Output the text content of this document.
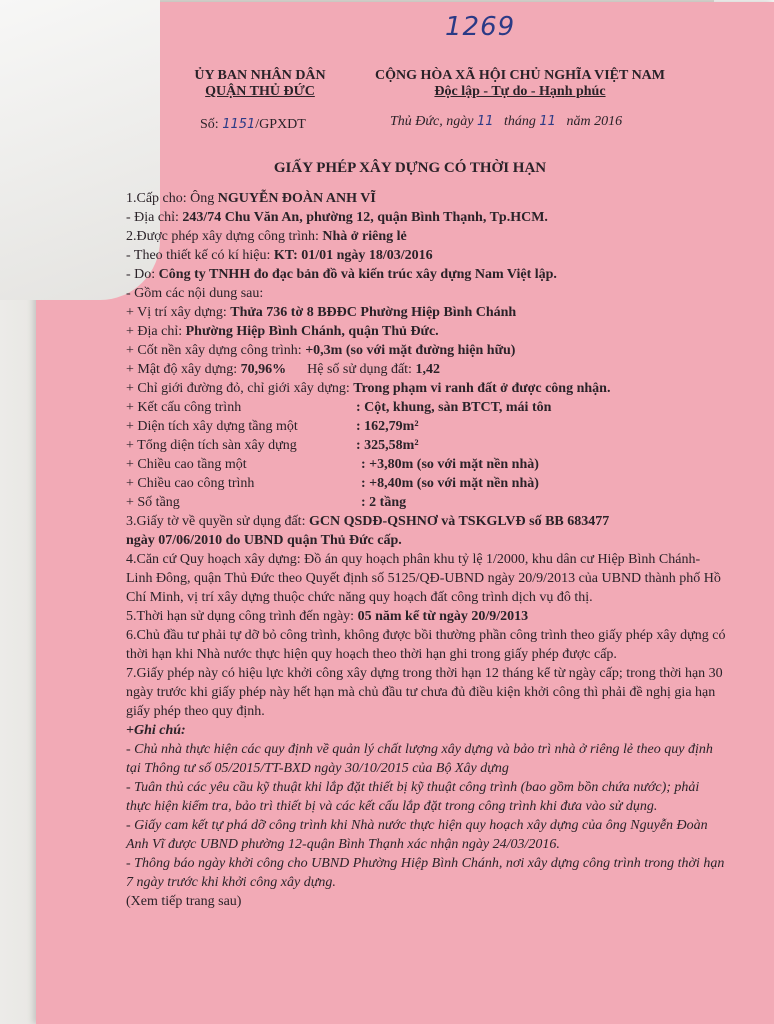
1269
ỦY BAN NHÂN DÂN
QUẬN THỦ ĐỨC
CỘNG HÒA XÃ HỘI CHỦ NGHĨA VIỆT NAM
Độc lập - Tự do - Hạnh phúc
Số: 1151/GPXDT	Thủ Đức, ngày 11 tháng 11 năm 2016
GIẤY PHÉP XÂY DỰNG CÓ THỜI HẠN

1.Cấp cho: Ông NGUYỄN ĐOÀN ANH VĨ

- Địa chỉ: 243/74 Chu Văn An, phường 12, quận Bình Thạnh, Tp.HCM.

2.Được phép xây dựng công trình: Nhà ở riêng lẻ

- Theo thiết kế có kí hiệu: KT: 01/01 ngày 18/03/2016

- Do: Công ty TNHH đo đạc bản đồ và kiến trúc xây dựng Nam Việt lập.

- Gồm các nội dung sau:

+ Vị trí xây dựng: Thửa 736 tờ 8 BĐĐC Phường Hiệp Bình Chánh

+ Địa chỉ: Phường Hiệp Bình Chánh, quận Thủ Đức.

+ Cốt nền xây dựng công trình: +0,3m (so với mặt đường hiện hữu)

+ Mật độ xây dựng: 70,96% Hệ số sử dụng đất: 1,42

+ Chỉ giới đường đỏ, chỉ giới xây dựng: Trong phạm vi ranh đất ở được công nhận.

+ Kết cấu công trình	: Cột, khung, sàn BTCT, mái tôn

+ Diện tích xây dựng tầng một	: 162,79m²

+ Tổng diện tích sàn xây dựng	: 325,58m²

+ Chiều cao tầng một	: +3,80m (so với mặt nền nhà)

+ Chiều cao công trình	: +8,40m (so với mặt nền nhà)

+ Số tầng	: 2 tầng

3.Giấy tờ về quyền sử dụng đất: GCN QSDĐ-QSHNƠ và TSKGLVĐ số BB 683477

ngày 07/06/2010 do UBND quận Thủ Đức cấp.

4.Căn cứ Quy hoạch xây dựng: Đồ án quy hoạch phân khu tỷ lệ 1/2000, khu dân cư Hiệp Bình Chánh-Linh Đông, quận Thủ Đức theo Quyết định số 5125/QĐ-UBND ngày 20/9/2013 của UBND thành phố Hồ Chí Minh, vị trí xây dựng thuộc chức năng quy hoạch đất công trình dịch vụ đô thị.

5.Thời hạn sử dụng công trình đến ngày: 05 năm kể từ ngày 20/9/2013

6.Chủ đầu tư phải tự dỡ bỏ công trình, không được bồi thường phần công trình theo giấy phép xây dựng có thời hạn khi Nhà nước thực hiện quy hoạch theo thời hạn ghi trong giấy phép được cấp.

7.Giấy phép này có hiệu lực khởi công xây dựng trong thời hạn 12 tháng kể từ ngày cấp; trong thời hạn 30 ngày trước khi giấy phép này hết hạn mà chủ đầu tư chưa đủ điều kiện khởi công thì phải đề nghị gia hạn giấy phép theo quy định.

+Ghi chú:

- Chủ nhà thực hiện các quy định về quản lý chất lượng xây dựng và bảo trì nhà ở riêng lẻ theo quy định tại Thông tư số 05/2015/TT-BXD ngày 30/10/2015 của Bộ Xây dựng

- Tuân thủ các yêu cầu kỹ thuật khi lắp đặt thiết bị kỹ thuật công trình (bao gồm bồn chứa nước); phải thực hiện kiểm tra, bảo trì thiết bị và các kết cấu lắp đặt trong công trình khi đưa vào sử dụng.

- Giấy cam kết tự phá dỡ công trình khi Nhà nước thực hiện quy hoạch xây dựng của ông Nguyễn Đoàn Anh Vĩ được UBND phường 12-quận Bình Thạnh xác nhận ngày 24/03/2016.

- Thông báo ngày khởi công cho UBND Phường Hiệp Bình Chánh, nơi xây dựng công trình trong thời hạn 7 ngày trước khi khởi công xây dựng.

(Xem tiếp trang sau)
